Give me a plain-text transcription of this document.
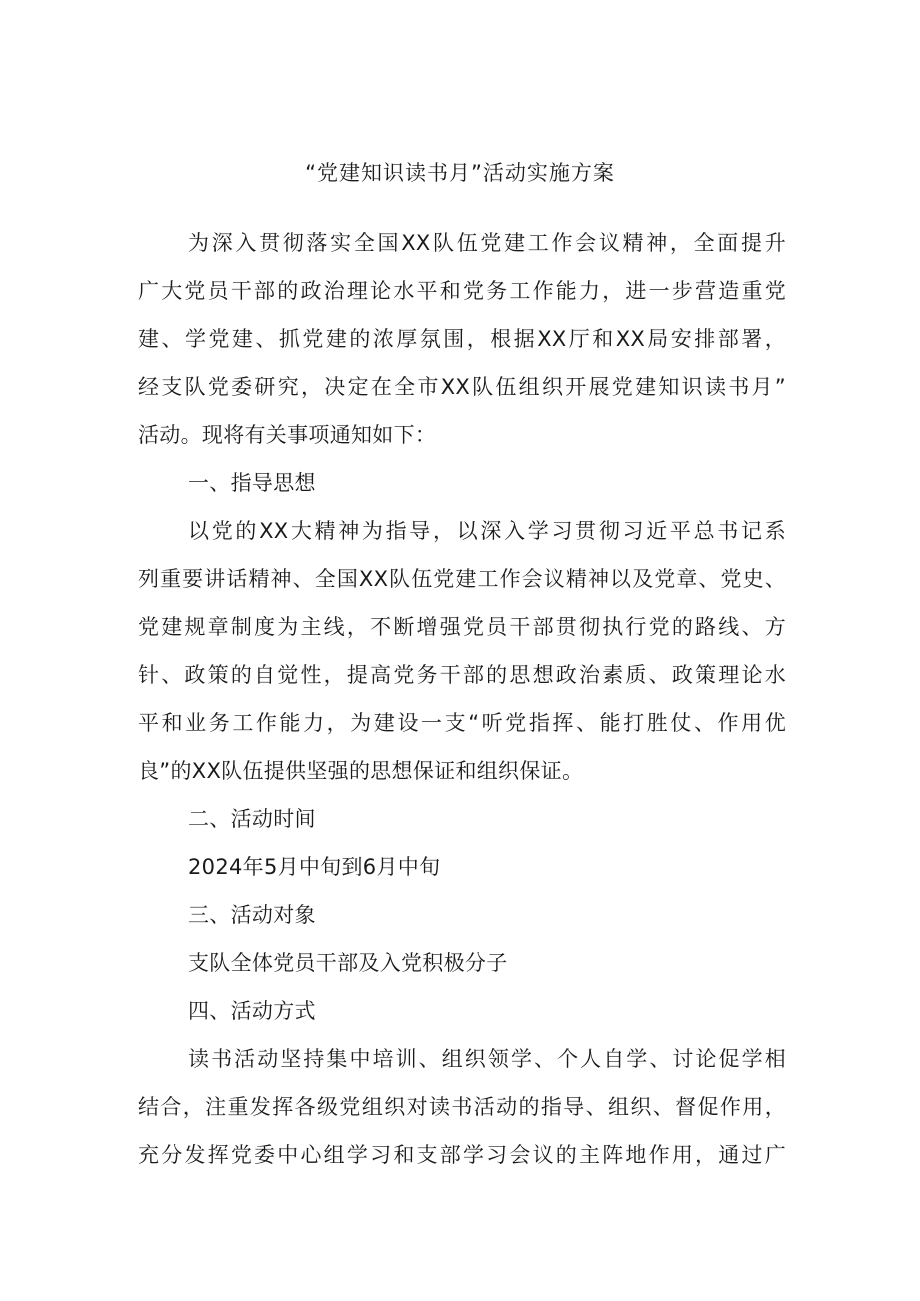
“党建知识读书月”活动实施方案
为深入贯彻落实全国XX队伍党建工作会议精神，全面提升
广大党员干部的政治理论水平和党务工作能力，进一步营造重党
建、学党建、抓党建的浓厚氛围，根据XX厅和XX局安排部署，
经支队党委研究，决定在全市XX队伍组织开展党建知识读书月”
活动。现将有关事项通知如下：
一、指导思想
以党的XX大精神为指导，以深入学习贯彻习近平总书记系
列重要讲话精神、全国XX队伍党建工作会议精神以及党章、党史、
党建规章制度为主线，不断增强党员干部贯彻执行党的路线、方
针、政策的自觉性，提高党务干部的思想政治素质、政策理论水
平和业务工作能力，为建设一支“听党指挥、能打胜仗、作用优
良”的XX队伍提供坚强的思想保证和组织保证。
二、活动时间
2024年5月中旬到6月中旬
三、活动对象
支队全体党员干部及入党积极分子
四、活动方式
读书活动坚持集中培训、组织领学、个人自学、讨论促学相
结合，注重发挥各级党组织对读书活动的指导、组织、督促作用，
充分发挥党委中心组学习和支部学习会议的主阵地作用，通过广
